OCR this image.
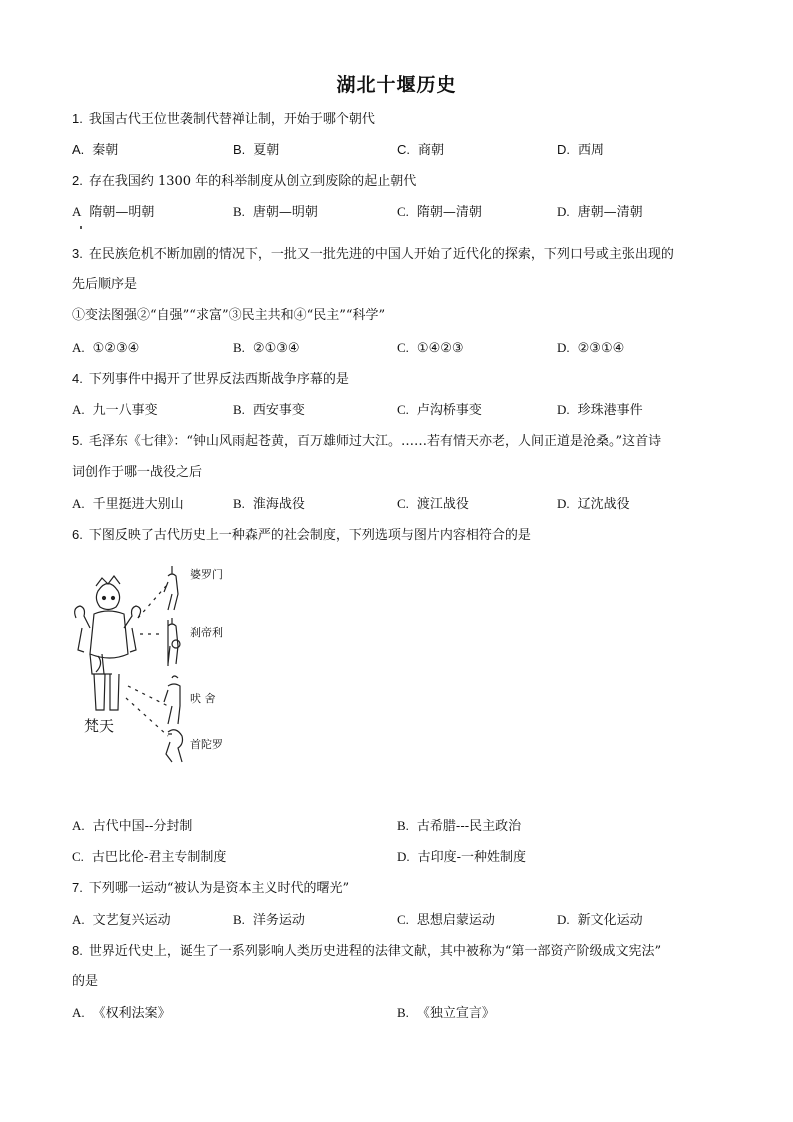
湖北十堰历史
1. 我国古代王位世袭制代替禅让制，开始于哪个朝代
A. 秦朝	B. 夏朝	C. 商朝	D. 西周
2. 存在我国约 1300 年的科举制度从创立到废除的起止朝代
A 隋朝—明朝	B. 唐朝—明朝	C. 隋朝—清朝	D. 唐朝—清朝
3. 在民族危机不断加剧的情况下，一批又一批先进的中国人开始了近代化的探索，下列口号或主张出现的
先后顺序是
①变法图强②“自强”“求富”③民主共和④“民主”“科学”
A. ①②③④	B. ②①③④	C. ①④②③	D. ②③①④
4. 下列事件中揭开了世界反法西斯战争序幕的是
A. 九一八事变	B. 西安事变	C. 卢沟桥事变	D. 珍珠港事件
5. 毛泽东《七律》：“钟山风雨起苍黄，百万雄师过大江。……若有情天亦老，人间正道是沧桑。”这首诗
词创作于哪一战役之后
A. 千里挺进大别山	B. 淮海战役	C. 渡江战役	D. 辽沈战役
6. 下图反映了古代历史上一种森严的社会制度，下列选项与图片内容相符合的是
婆罗门
刹帝利
吠 舍
首陀罗
梵天
A. 古代中国--分封制	B. 古希腊---民主政治
C. 古巴比伦-君主专制制度	D. 古印度-一种姓制度
7. 下列哪一运动“被认为是资本主义时代的曙光”
A. 文艺复兴运动	B. 洋务运动	C. 思想启蒙运动	D. 新文化运动
8. 世界近代史上，诞生了一系列影响人类历史进程的法律文献，其中被称为“第一部资产阶级成文宪法”
的是
A. 《权利法案》	B. 《独立宣言》
